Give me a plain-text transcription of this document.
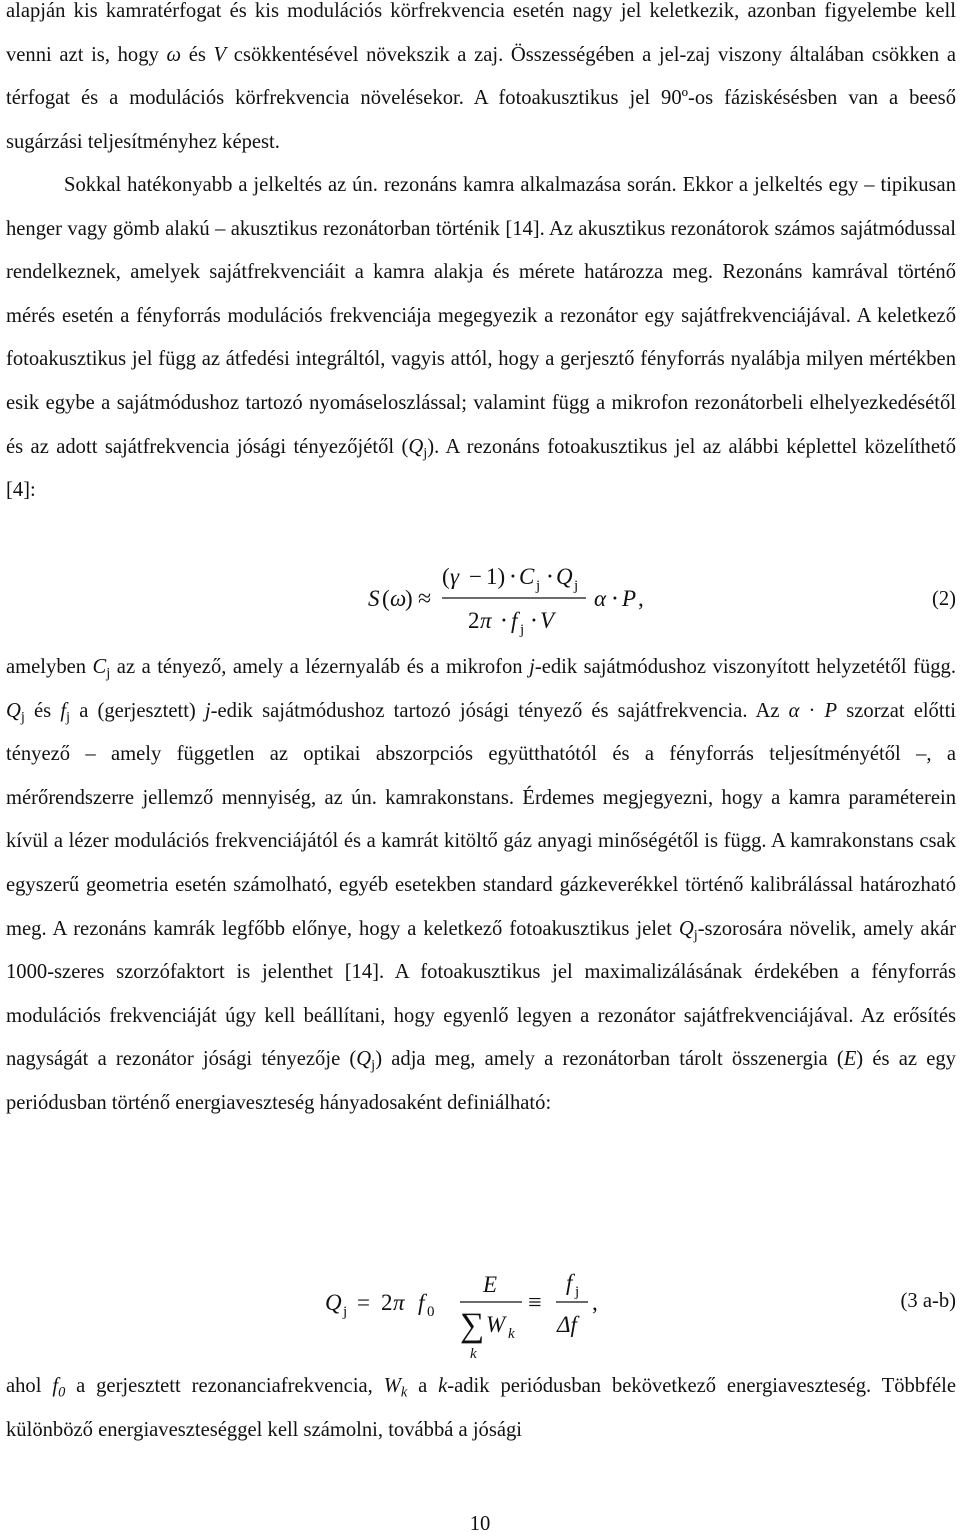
alapján kis kamratérfogat és kis modulációs körfrekvencia esetén nagy jel keletkezik, azonban figyelembe kell venni azt is, hogy ω és V csökkentésével növekszik a zaj. Összességében a jel-zaj viszony általában csökken a térfogat és a modulációs körfrekvencia növelésekor. A fotoakusztikus jel 90º-os fáziskésésben van a beeső sugárzási teljesítményhez képest.

Sokkal hatékonyabb a jelkeltés az ún. rezonáns kamra alkalmazása során. Ekkor a jelkeltés egy – tipikusan henger vagy gömb alakú – akusztikus rezonátorban történik [14]. Az akusztikus rezonátorok számos sajátmódussal rendelkeznek, amelyek sajátfrekvenciáit a kamra alakja és mérete határozza meg. Rezonáns kamrával történő mérés esetén a fényforrás modulációs frekvenciája megegyezik a rezonátor egy sajátfrekvenciájával. A keletkező fotoakusztikus jel függ az átfedési integráltól, vagyis attól, hogy a gerjesztő fényforrás nyalábja milyen mértékben esik egybe a sajátmódushoz tartozó nyomáseloszlással; valamint függ a mikrofon rezonátorbeli elhelyezkedésétől és az adott sajátfrekvencia jósági tényezőjétől $(Q_j)$. A rezonáns fotoakusztikus jel az alábbi képlettel közelíthető [4]:

S ( ω
) ≈
( γ − 1) ⋅ C j ⋅ Q j
2 π ⋅ f j ⋅ V
α ⋅ P ,	(2)

amelyben $C_j$ az a tényező, amely a lézernyaláb és a mikrofon j-edik sajátmódushoz viszonyított helyzetétől függ. $Q_j$ és $f_j$ a (gerjesztett) j-edik sajátmódushoz tartozó jósági tényező és sajátfrekvencia. Az α · P szorzat előtti tényező – amely független az optikai abszorpciós együtthatótól és a fényforrás teljesítményétől –, a mérőrendszerre jellemző mennyiség, az ún. kamrakonstans. Érdemes megjegyezni, hogy a kamra paraméterein kívül a lézer modulációs frekvenciájától és a kamrát kitöltő gáz anyagi minőségétől is függ. A kamrakonstans csak egyszerű geometria esetén számolható, egyéb esetekben standard gázkeverékkel történő kalibrálással határozható meg. A rezonáns kamrák legfőbb előnye, hogy a keletkező fotoakusztikus jelet $Q_j$-szorosára növelik, amely akár 1000-szeres szorzófaktort is jelenthet [14]. A fotoakusztikus jel maximalizálásának érdekében a fényforrás modulációs frekvenciáját úgy kell beállítani, hogy egyenlő legyen a rezonátor sajátfrekvenciájával. Az erősítés nagyságát a rezonátor jósági tényezője $(Q_j)$ adja meg, amely a rezonátorban tárolt összenergia (E) és az egy periódusban történő energiaveszteség hányadosaként definiálható:

Q j = 2 π f 0
E
∑ W k
k
≡
f j
Δf
,	(3 a-b)

ahol $f_0$ a gerjesztett rezonanciafrekvencia, $W_k$ a k-adik periódusban bekövetkező energiaveszteség. Többféle különböző energiaveszteséggel kell számolni, továbbá a jósági

10
